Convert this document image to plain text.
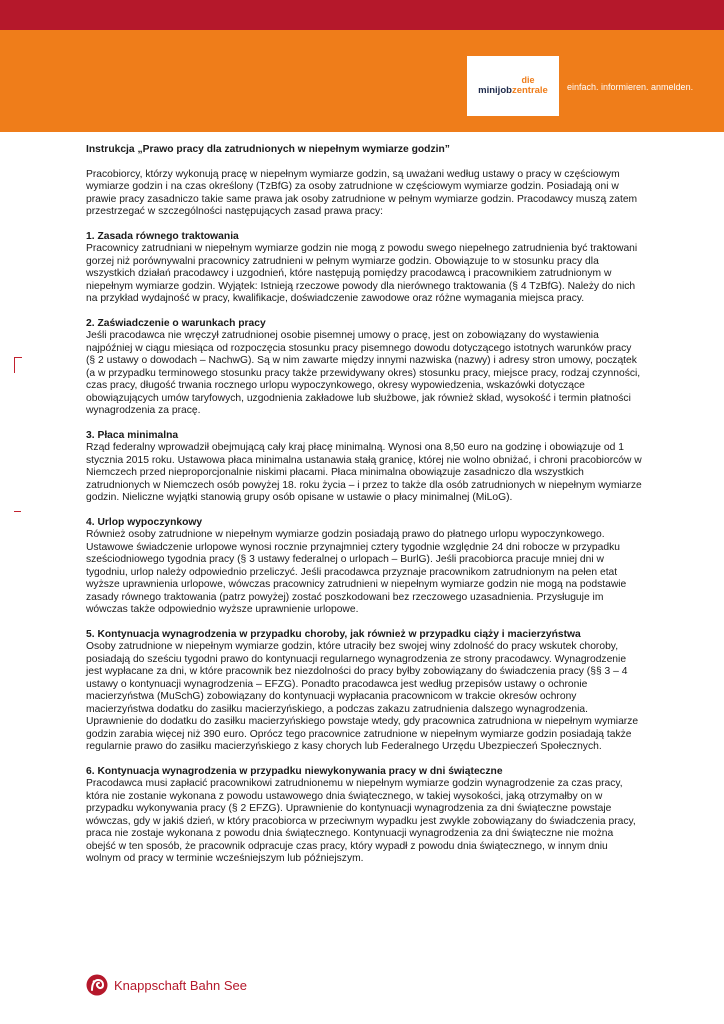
die
minijobzentrale einfach. informieren. anmelden.

Instrukcja „Prawo pracy dla zatrudnionych w niepełnym wymiarze godzin”

Pracobiorcy, którzy wykonują pracę w niepełnym wymiarze godzin, są uważani według ustawy o pracy w częściowym wymiarze godzin i na czas określony (TzBfG) za osoby zatrudnione w częściowym wymiarze godzin. Posiadają oni w prawie pracy zasadniczo takie same prawa jak osoby zatrudnione w pełnym wymiarze godzin. Pracodawcy muszą zatem przestrzegać w szczególności następujących zasad prawa pracy:

1. Zasada równego traktowania

Pracownicy zatrudniani w niepełnym wymiarze godzin nie mogą z powodu swego niepełnego zatrudnienia być traktowani gorzej niż porównywalni pracownicy zatrudnieni w pełnym wymiarze godzin. Obowiązuje to w stosunku pracy dla wszystkich działań pracodawcy i uzgodnień, które następują pomiędzy pracodawcą i pracownikiem zatrudnionym w niepełnym wymiarze godzin. Wyjątek: Istnieją rzeczowe powody dla nierównego traktowania (§ 4 TzBfG). Należy do nich na przykład wydajność w pracy, kwalifikacje, doświadczenie zawodowe oraz różne wymagania miejsca pracy.

2. Zaświadczenie o warunkach pracy

Jeśli pracodawca nie wręczył zatrudnionej osobie pisemnej umowy o pracę, jest on zobowiązany do wystawienia najpóźniej w ciągu miesiąca od rozpoczęcia stosunku pracy pisemnego dowodu dotyczącego istotnych warunków pracy (§ 2 ustawy o dowodach – NachwG). Są w nim zawarte między innymi nazwiska (nazwy) i adresy stron umowy, początek (a w przypadku terminowego stosunku pracy także przewidywany okres) stosunku pracy, miejsce pracy, rodzaj czynności, czas pracy, długość trwania rocznego urlopu wypoczynkowego, okresy wypowiedzenia, wskazówki dotyczące obowiązujących umów taryfowych, uzgodnienia zakładowe lub służbowe, jak również skład, wysokość i termin płatności wynagrodzenia za pracę.

3. Płaca minimalna

Rząd federalny wprowadził obejmującą cały kraj płacę minimalną. Wynosi ona 8,50 euro na godzinę i obowiązuje od 1 stycznia 2015 roku. Ustawowa płaca minimalna ustanawia stałą granicę, której nie wolno obniżać, i chroni pracobiorców w Niemczech przed nieproporcjonalnie niskimi płacami. Płaca minimalna obowiązuje zasadniczo dla wszystkich zatrudnionych w Niemczech osób powyżej 18. roku życia – i przez to także dla osób zatrudnionych w niepełnym wymiarze godzin. Nieliczne wyjątki stanowią grupy osób opisane w ustawie o płacy minimalnej (MiLoG).

4. Urlop wypoczynkowy

Również osoby zatrudnione w niepełnym wymiarze godzin posiadają prawo do płatnego urlopu wypoczynkowego. Ustawowe świadczenie urlopowe wynosi rocznie przynajmniej cztery tygodnie względnie 24 dni robocze w przypadku sześciodniowego tygodnia pracy (§ 3 ustawy federalnej o urlopach – BurlG). Jeśli pracobiorca pracuje mniej dni w tygodniu, urlop należy odpowiednio przeliczyć. Jeśli pracodawca przyznaje pracownikom zatrudnionym na pełen etat wyższe uprawnienia urlopowe, wówczas pracownicy zatrudnieni w niepełnym wymiarze godzin nie mogą na podstawie zasady równego traktowania (patrz powyżej) zostać poszkodowani bez rzeczowego uzasadnienia. Przysługuje im wówczas także odpowiednio wyższe uprawnienie urlopowe.

5. Kontynuacja wynagrodzenia w przypadku choroby, jak również w przypadku ciąży i macierzyństwa

Osoby zatrudnione w niepełnym wymiarze godzin, które utraciły bez swojej winy zdolność do pracy wskutek choroby, posiadają do sześciu tygodni prawo do kontynuacji regularnego wynagrodzenia ze strony pracodawcy. Wynagrodzenie jest wypłacane za dni, w które pracownik bez niezdolności do pracy byłby zobowiązany do świadczenia pracy (§§ 3 – 4 ustawy o kontynuacji wynagrodzenia – EFZG). Ponadto pracodawca jest według przepisów ustawy o ochronie macierzyństwa (MuSchG) zobowiązany do kontynuacji wypłacania pracownicom w trakcie okresów ochrony macierzyństwa dodatku do zasiłku macierzyńskiego, a podczas zakazu zatrudnienia dalszego wynagrodzenia. Uprawnienie do dodatku do zasiłku macierzyńskiego powstaje wtedy, gdy pracownica zatrudniona w niepełnym wymiarze godzin zarabia więcej niż 390 euro. Oprócz tego pracownice zatrudnione w niepełnym wymiarze godzin posiadają także regularnie prawo do zasiłku macierzyńskiego z kasy chorych lub Federalnego Urzędu Ubezpieczeń Społecznych.

6. Kontynuacja wynagrodzenia w przypadku niewykonywania pracy w dni świąteczne

Pracodawca musi zapłacić pracownikowi zatrudnionemu w niepełnym wymiarze godzin wynagrodzenie za czas pracy, która nie zostanie wykonana z powodu ustawowego dnia świątecznego, w takiej wysokości, jaką otrzymałby on w przypadku wykonywania pracy (§ 2 EFZG). Uprawnienie do kontynuacji wynagrodzenia za dni świąteczne powstaje wówczas, gdy w jakiś dzień, w który pracobiorca w przeciwnym wypadku jest zwykle zobowiązany do świadczenia pracy, praca nie zostaje wykonana z powodu dnia świątecznego. Kontynuacji wynagrodzenia za dni świąteczne nie można obejść w ten sposób, że pracownik odpracuje czas pracy, który wypadł z powodu dnia świątecznego, w innym dniu wolnym od pracy w terminie wcześniejszym lub późniejszym.

Knappschaft Bahn See
